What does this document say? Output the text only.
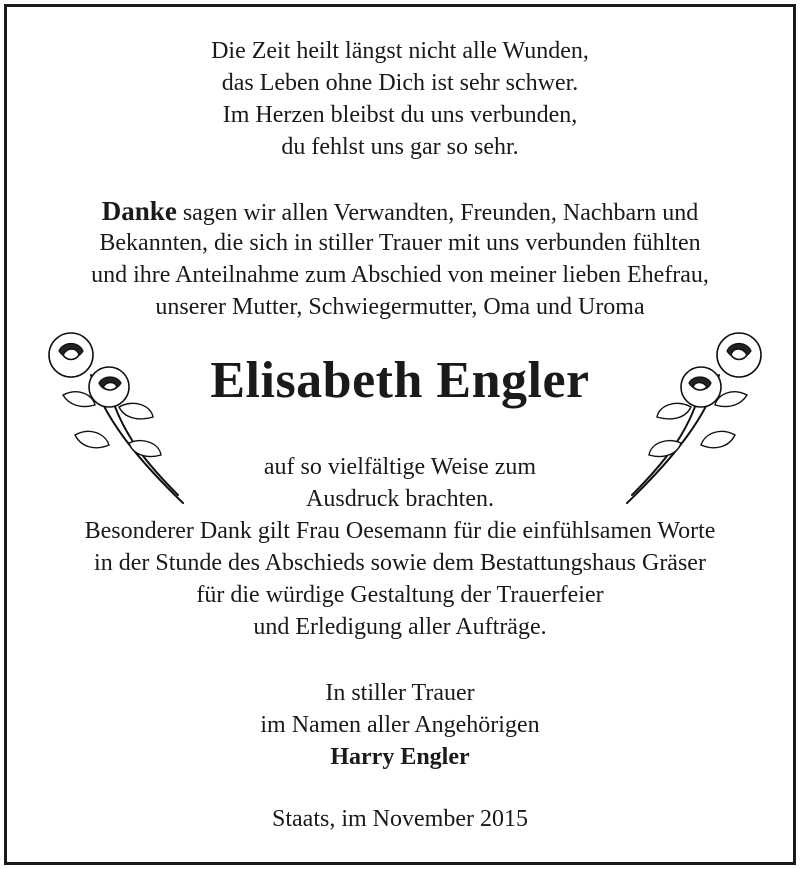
Die Zeit heilt längst nicht alle Wunden,
das Leben ohne Dich ist sehr schwer.
Im Herzen bleibst du uns verbunden,
du fehlst uns gar so sehr.
Danke sagen wir allen Verwandten, Freunden, Nachbarn und
Bekannten, die sich in stiller Trauer mit uns verbunden fühlten
und ihre Anteilnahme zum Abschied von meiner lieben Ehefrau,
unserer Mutter, Schwiegermutter, Oma und Uroma
Elisabeth Engler
auf so vielfältige Weise zum
Ausdruck brachten.
Besonderer Dank gilt Frau Oesemann für die einfühlsamen Worte
in der Stunde des Abschieds sowie dem Bestattungshaus Gräser
für die würdige Gestaltung der Trauerfeier
und Erledigung aller Aufträge.
In stiller Trauer
im Namen aller Angehörigen
Harry Engler
Staats, im November 2015
